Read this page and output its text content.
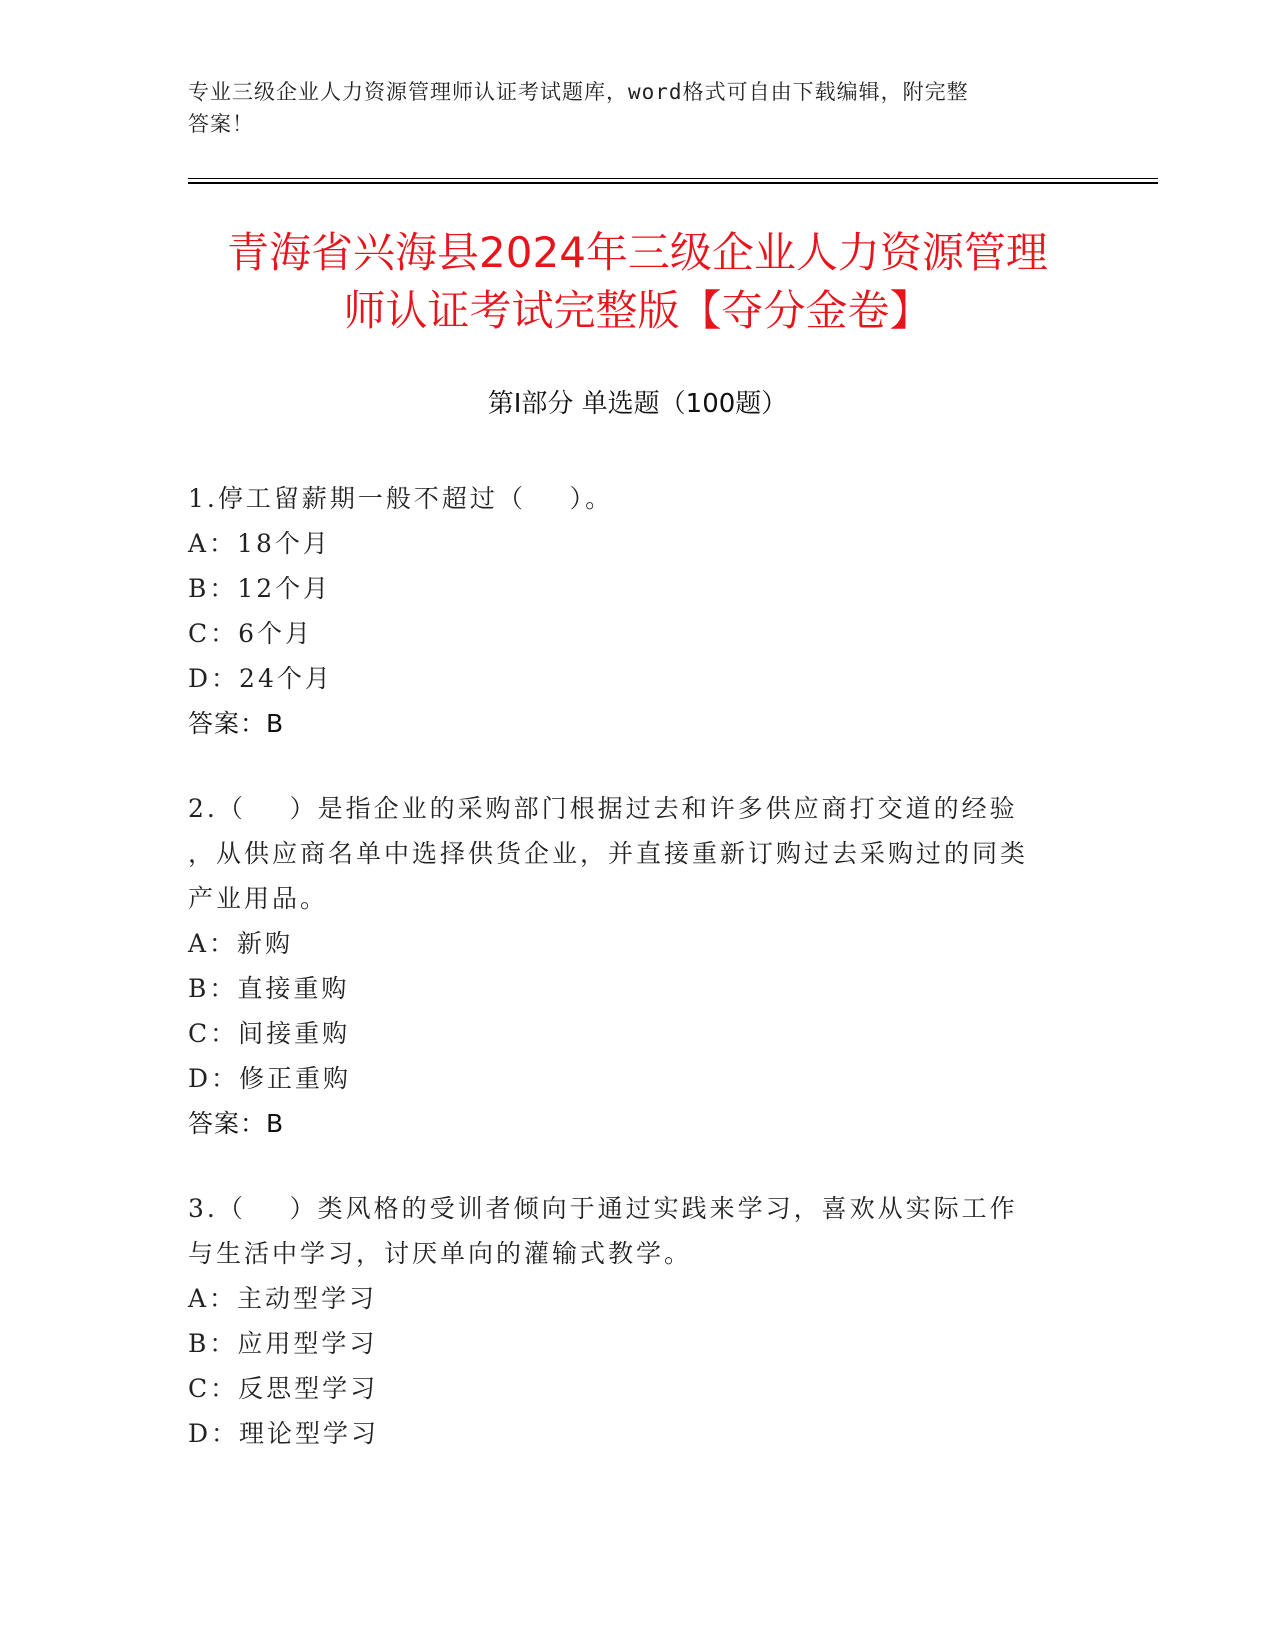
专业三级企业人力资源管理师认证考试题库，word格式可自由下载编辑，附完整
答案！
青海省兴海县2024年三级企业人力资源管理
师认证考试完整版【夺分金卷】
第Ⅰ部分 单选题（100题）
1.停工留薪期一般不超过（    ）。
A：18个月
B：12个月
C：6个月
D：24个月
答案：B
2.（    ）是指企业的采购部门根据过去和许多供应商打交道的经验
，从供应商名单中选择供货企业，并直接重新订购过去采购过的同类
产业用品。
A：新购
B：直接重购
C：间接重购
D：修正重购
答案：B
3.（    ）类风格的受训者倾向于通过实践来学习，喜欢从实际工作
与生活中学习，讨厌单向的灌输式教学。
A：主动型学习
B：应用型学习
C：反思型学习
D：理论型学习
